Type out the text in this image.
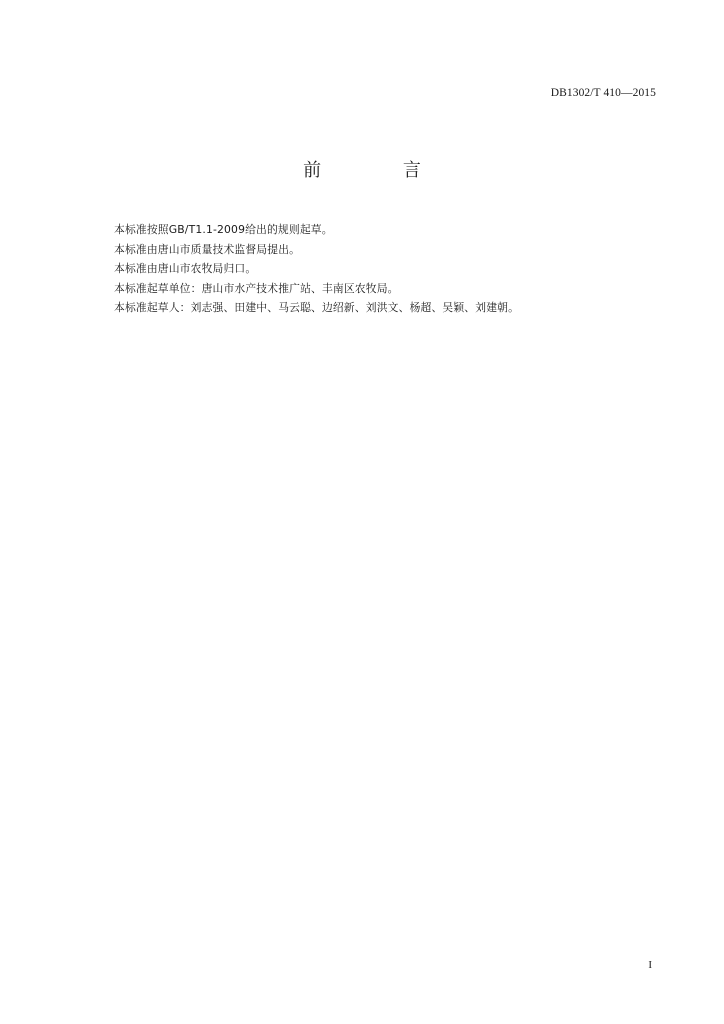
DB1302/T 410—2015
前 言
本标准按照GB/T1.1-2009给出的规则起草。
本标准由唐山市质量技术监督局提出。
本标准由唐山市农牧局归口。
本标准起草单位：唐山市水产技术推广站、丰南区农牧局。
本标准起草人：刘志强、田建中、马云聪、边绍新、刘洪文、杨超、吴颖、刘建朝。
I
